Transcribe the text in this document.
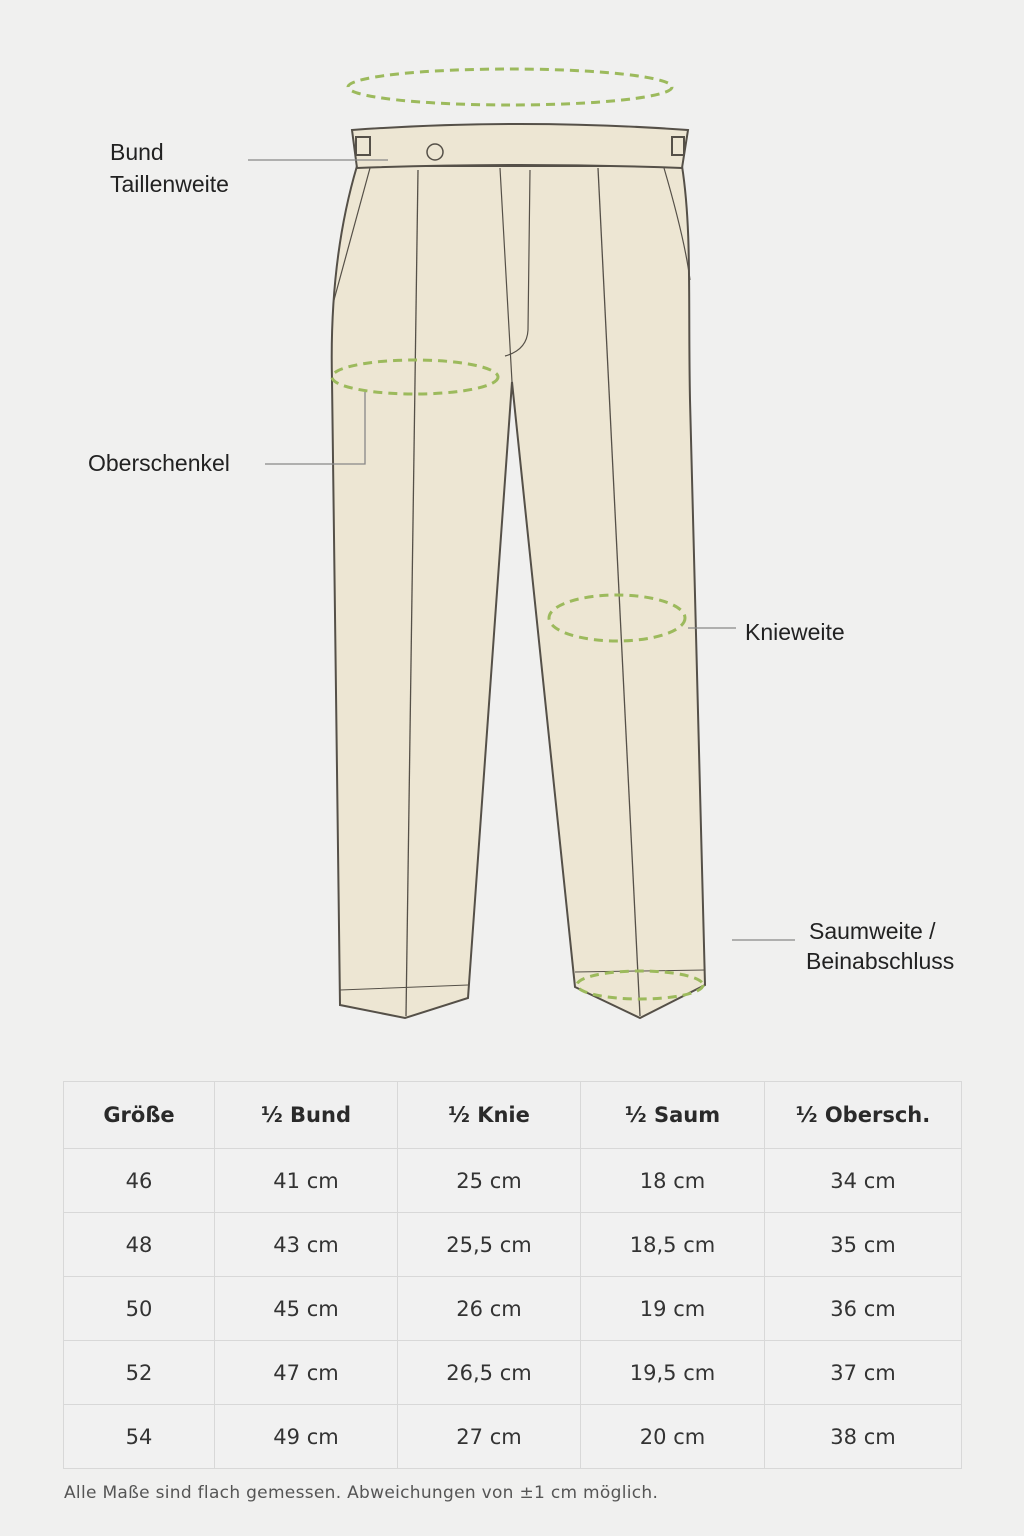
Bund
Taillenweite
Oberschenkel
Knieweite
Saumweite /
Beinabschluss
Größe	½ Bund	½ Knie	½ Saum	½ Obersch.
46	41 cm	25 cm	18 cm	34 cm
48	43 cm	25,5 cm	18,5 cm	35 cm
50	45 cm	26 cm	19 cm	36 cm
52	47 cm	26,5 cm	19,5 cm	37 cm
54	49 cm	27 cm	20 cm	38 cm
Alle Maße sind flach gemessen. Abweichungen von ±1 cm möglich.
